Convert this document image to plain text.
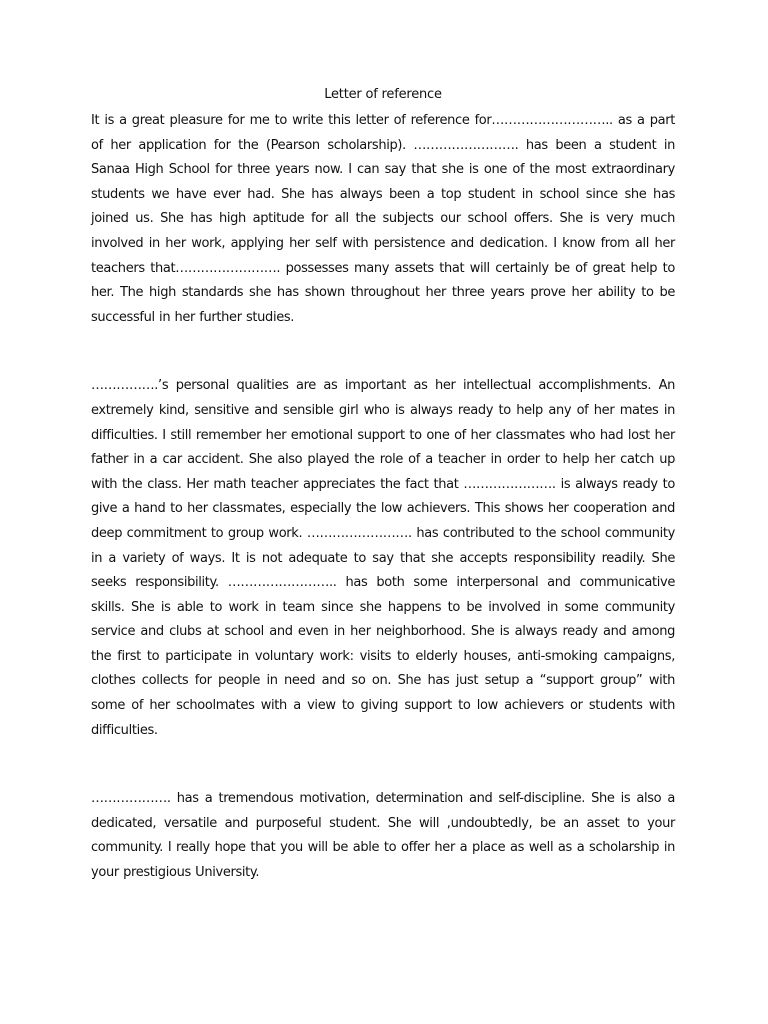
Letter of reference

It is a great pleasure for me to write this letter of reference for……………………….. as a part of her application for the (Pearson scholarship). ……………………. has been a student in Sanaa High School for three years now. I can say that she is one of the most extraordinary students we have ever had. She has always been a top student in school since she has joined us. She has high aptitude for all the subjects our school offers. She is very much involved in her work, applying her self with persistence and dedication. I know from all her teachers that……………………. possesses many assets that will certainly be of great help to her. The high standards she has shown throughout her three years prove her ability to be successful in her further studies.

…………….’s personal qualities are as important as her intellectual accomplishments. An extremely kind, sensitive and sensible girl who is always ready to help any of her mates in difficulties. I still remember her emotional support to one of her classmates who had lost her father in a car accident. She also played the role of a teacher in order to help her catch up with the class. Her math teacher appreciates the fact that …………………. is always ready to give a hand to her classmates, especially the low achievers. This shows her cooperation and deep commitment to group work. ……………………. has contributed to the school community in a variety of ways. It is not adequate to say that she accepts responsibility readily. She seeks responsibility. …………………….. has both some interpersonal and communicative skills. She is able to work in team since she happens to be involved in some community service and clubs at school and even in her neighborhood. She is always ready and among the first to participate in voluntary work: visits to elderly houses, anti-smoking campaigns, clothes collects for people in need and so on. She has just setup a “support group” with some of her schoolmates with a view to giving support to low achievers or students with difficulties.

………………. has a tremendous motivation, determination and self-discipline. She is also a dedicated, versatile and purposeful student. She will ,undoubtedly, be an asset to your community. I really hope that you will be able to offer her a place as well as a scholarship in your prestigious University.
